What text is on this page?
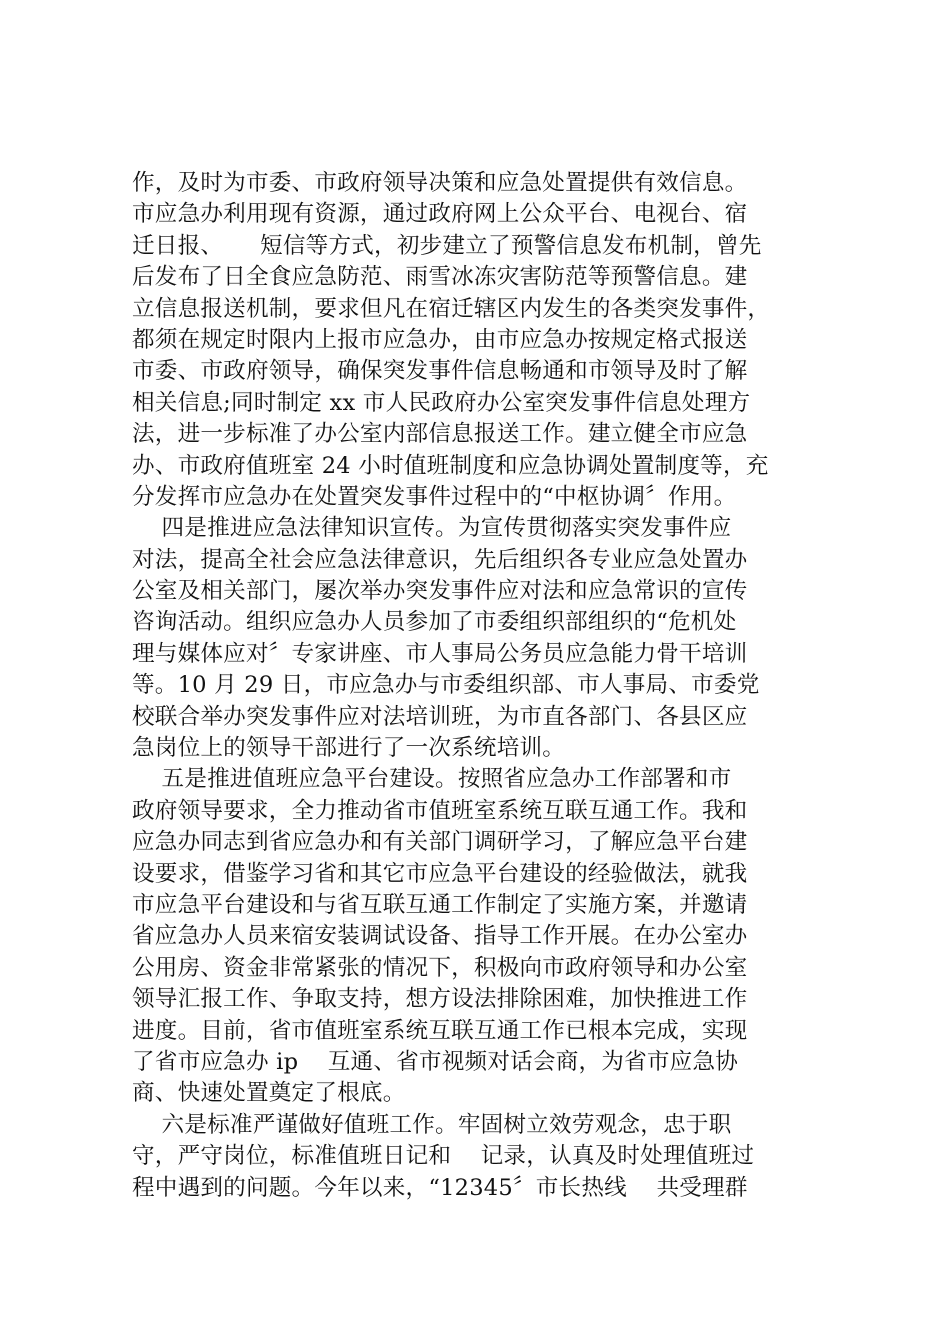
作，及时为市委、市政府领导决策和应急处置提供有效信息。
市应急办利用现有资源，通过政府网上公众平台、电视台、宿
迁日报、     短信等方式，初步建立了预警信息发布机制，曾先
后发布了日全食应急防范、雨雪冰冻灾害防范等预警信息。建
立信息报送机制，要求但凡在宿迁辖区内发生的各类突发事件，
都须在规定时限内上报市应急办，由市应急办按规定格式报送
市委、市政府领导，确保突发事件信息畅通和市领导及时了解
相关信息;同时制定 xx 市人民政府办公室突发事件信息处理方
法，进一步标准了办公室内部信息报送工作。建立健全市应急
办、市政府值班室 24 小时值班制度和应急协调处置制度等，充
分发挥市应急办在处置突发事件过程中的“中枢协调〞作用。
四是推进应急法律知识宣传。为宣传贯彻落实突发事件应
对法，提高全社会应急法律意识，先后组织各专业应急处置办
公室及相关部门，屡次举办突发事件应对法和应急常识的宣传
咨询活动。组织应急办人员参加了市委组织部组织的“危机处
理与媒体应对〞专家讲座、市人事局公务员应急能力骨干培训
等。10 月 29 日，市应急办与市委组织部、市人事局、市委党
校联合举办突发事件应对法培训班，为市直各部门、各县区应
急岗位上的领导干部进行了一次系统培训。
五是推进值班应急平台建设。按照省应急办工作部署和市
政府领导要求，全力推动省市值班室系统互联互通工作。我和
应急办同志到省应急办和有关部门调研学习，了解应急平台建
设要求，借鉴学习省和其它市应急平台建设的经验做法，就我
市应急平台建设和与省互联互通工作制定了实施方案，并邀请
省应急办人员来宿安装调试设备、指导工作开展。在办公室办
公用房、资金非常紧张的情况下，积极向市政府领导和办公室
领导汇报工作、争取支持，想方设法排除困难，加快推进工作
进度。目前，省市值班室系统互联互通工作已根本完成，实现
了省市应急办 ip    互通、省市视频对话会商，为省市应急协
商、快速处置奠定了根底。
六是标准严谨做好值班工作。牢固树立效劳观念，忠于职
守，严守岗位，标准值班日记和    记录，认真及时处理值班过
程中遇到的问题。今年以来，“12345〞市长热线    共受理群
